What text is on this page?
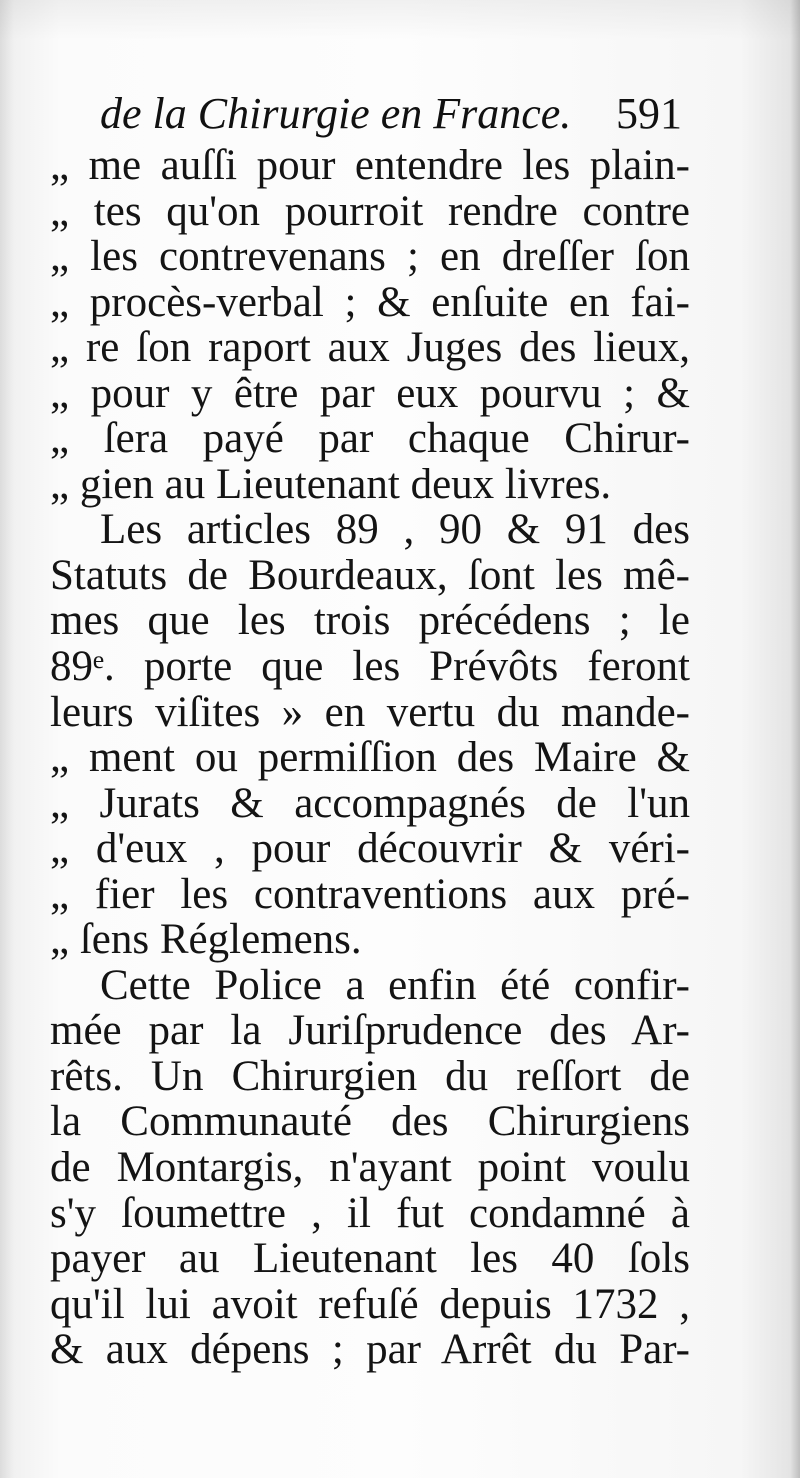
de la Chirurgie en France. 591
„ me auſſi pour entendre les plain-
„ tes qu'on pourroit rendre contre
„ les contrevenans ; en dreſſer ſon
„ procès-verbal ; & enſuite en fai-
„ re ſon raport aux Juges des lieux,
„ pour y être par eux pourvu ; &
„ ſera payé par chaque Chirur-
„ gien au Lieutenant deux livres.
Les articles 89 , 90 & 91 des
Statuts de Bourdeaux, ſont les mê-
mes que les trois précédens ; le
89ᵉ. porte que les Prévôts feront
leurs viſites » en vertu du mande-
„ ment ou permiſſion des Maire &
„ Jurats & accompagnés de l'un
„ d'eux , pour découvrir & véri-
„ fier les contraventions aux pré-
„ ſens Réglemens.
Cette Police a enfin été confir-
mée par la Juriſprudence des Ar-
rêts. Un Chirurgien du reſſort de
la Communauté des Chirurgiens
de Montargis, n'ayant point voulu
s'y ſoumettre , il fut condamné à
payer au Lieutenant les 40 ſols
qu'il lui avoit refuſé depuis 1732 ,
& aux dépens ; par Arrêt du Par-
